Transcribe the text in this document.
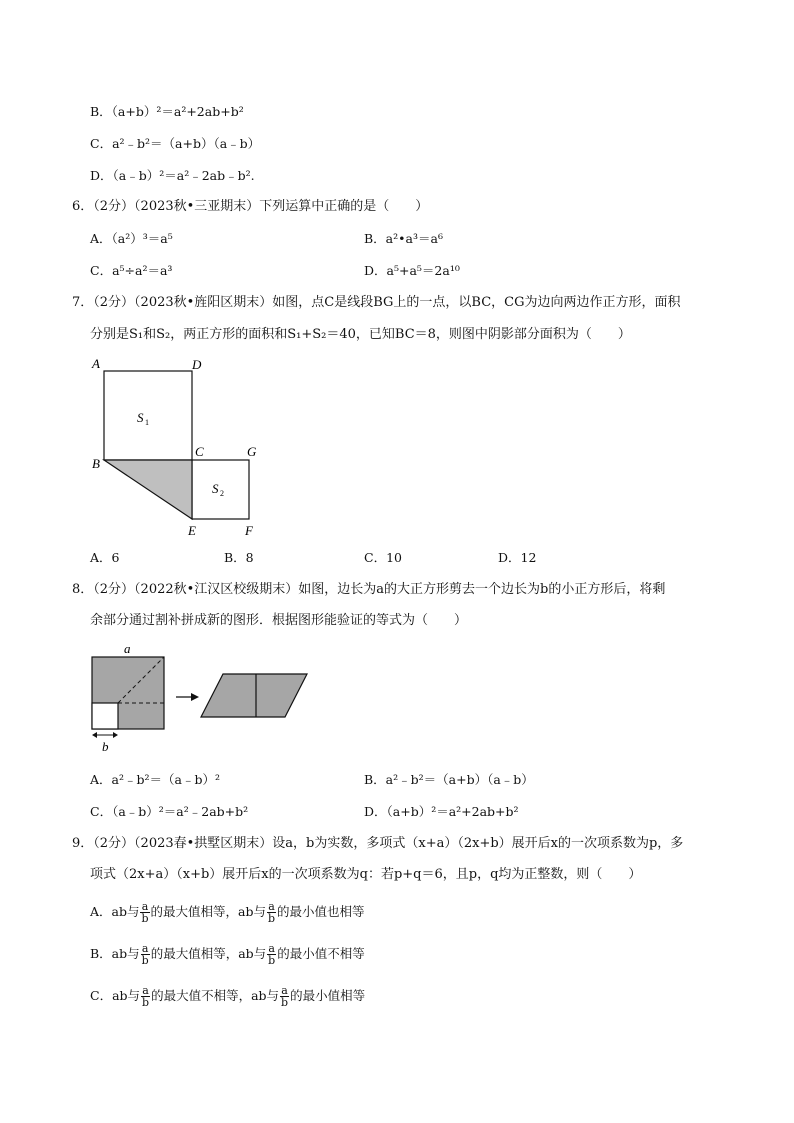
B．（a+b）²＝a²+2ab+b²
C．a²﹣b²＝（a+b）（a﹣b）
D．（a﹣b）²＝a²﹣2ab﹣b².
6．（2分）（2023秋•三亚期末）下列运算中正确的是（　　）
A．（a²）³＝a⁵	B．a²•a³＝a⁶
C．a⁵÷a²＝a³	D．a⁵+a⁵＝2a¹⁰
7．（2分）（2023秋•旌阳区期末）如图，点C是线段BG上的一点，以BC，CG为边向两边作正方形，面积
分别是S₁和S₂，两正方形的面积和S₁+S₂＝40，已知BC＝8，则图中阴影部分面积为（　　）
A	D
B
C	G
E	F
S 1
S 2
A．6	B．8	C．10	D．12
8．（2分）（2022秋•江汉区校级期末）如图，边长为a的大正方形剪去一个边长为b的小正方形后，将剩
余部分通过割补拼成新的图形．根据图形能验证的等式为（　　）
a
b
A．a²﹣b²＝（a﹣b）²	B．a²﹣b²＝（a+b）（a﹣b）
C．（a﹣b）²＝a²﹣2ab+b²	D．（a+b）²＝a²+2ab+b²
9．（2分）（2023春•拱墅区期末）设a，b为实数，多项式（x+a）（2x+b）展开后x的一次项系数为p，多
项式（2x+a）（x+b）展开后x的一次项系数为q：若p+q＝6，且p，q均为正整数，则（　　）
A．ab与 $\frac{a}{b}$ 的最大值相等，ab与 $\frac{a}{b}$ 的最小值也相等
B．ab与 $\frac{a}{b}$ 的最大值相等，ab与 $\frac{a}{b}$ 的最小值不相等
C．ab与 $\frac{a}{b}$ 的最大值不相等，ab与 $\frac{a}{b}$ 的最小值相等
